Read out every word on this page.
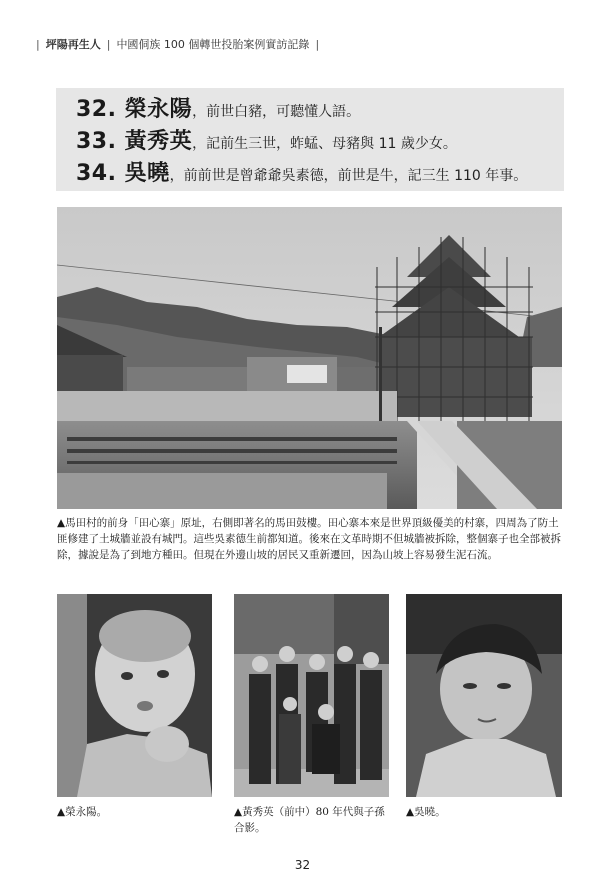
| 坪陽再生人 | 中國侗族 100 個轉世投胎案例實訪記錄 |
32. 榮永陽 ，前世白豬，可聽懂人語。
33. 黃秀英 ，記前生三世，蚱蜢、母豬與 11 歲少女。
34. 吳曉 ，前前世是曾爺爺吳素德，前世是牛，記三生 110 年事。
▲馬田村的前身「田心寨」原址，右側即著名的馬田鼓樓。田心寨本來是世界頂級優美的村寨，四周為了防土匪修建了土城牆並設有城門。這些吳素德生前都知道。後來在文革時期不但城牆被拆除，整個寨子也全部被拆除，據說是為了到地方種田。但現在外邊山坡的居民又重新遷回，因為山坡上容易發生泥石流。
▲榮永陽。	▲黃秀英（前中）80 年代與子孫合影。
▲吳曉。
32
